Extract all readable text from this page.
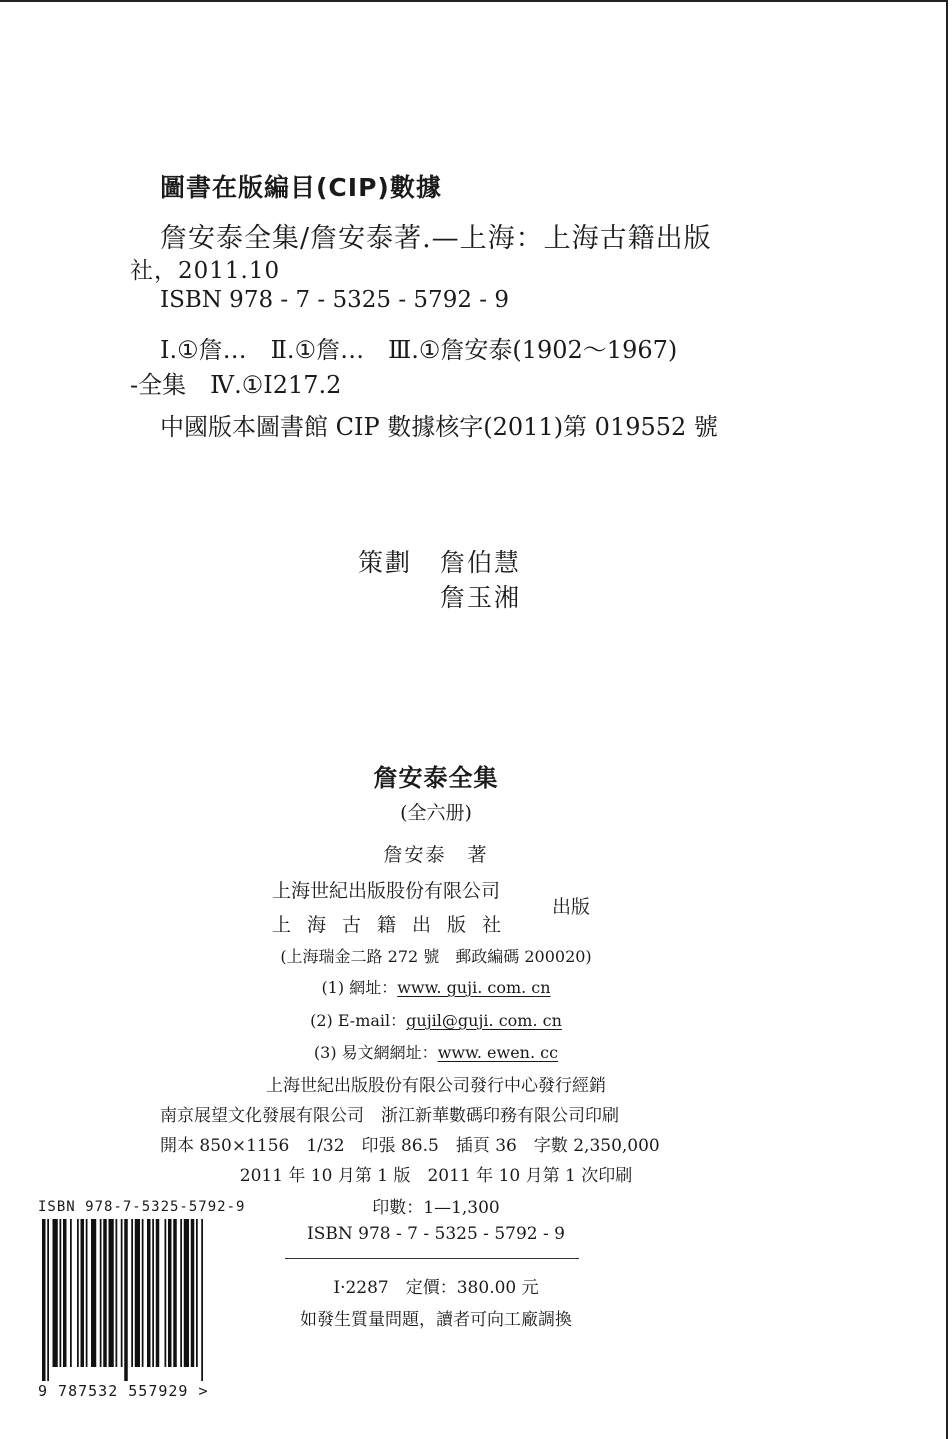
圖書在版編目(CIP)數據
詹安泰全集/詹安泰著.—上海：上海古籍出版
社，2011.10
ISBN 978 - 7 - 5325 - 5792 - 9
Ⅰ.①詹…　Ⅱ.①詹…　Ⅲ.①詹安泰(1902～1967)
-全集　Ⅳ.①I217.2
中國版本圖書館 CIP 數據核字(2011)第 019552 號
策劃 詹伯慧
詹玉湘
詹安泰全集
(全六册)
詹安泰　著
上海世紀出版股份有限公司
上海古籍出版社
出版
(上海瑞金二路 272 號　郵政編碼 200020)
(1) 網址：www. guji. com. cn
(2) E-mail：gujil@guji. com. cn
(3) 易文網網址：www. ewen. cc
上海世紀出版股份有限公司發行中心發行經銷
南京展望文化發展有限公司　浙江新華數碼印務有限公司印刷
開本 850×1156　1/32　印張 86.5　插頁 36　字數 2,350,000
2011 年 10 月第 1 版　2011 年 10 月第 1 次印刷
印數：1—1,300
ISBN 978 - 7 - 5325 - 5792 - 9
I·2287　定價：380.00 元
如發生質量問題，讀者可向工廠調換
ISBN 978-7-5325-5792-9
9 787532 557929 >
